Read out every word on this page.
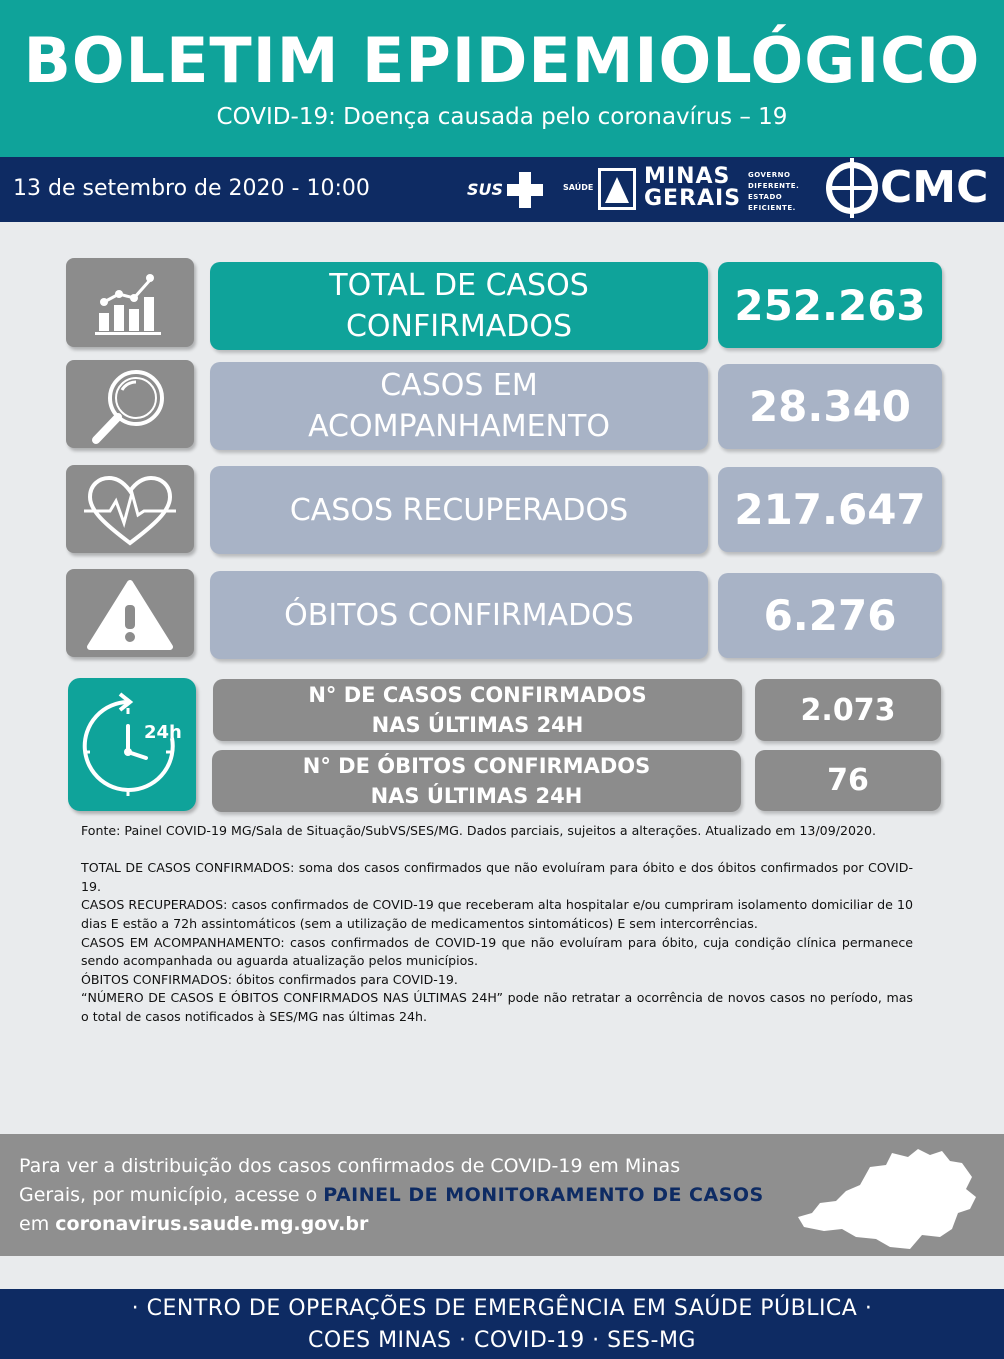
BOLETIM EPIDEMIOLÓGICO
COVID-19: Doença causada pelo coronavírus – 19
13 de setembro de 2020 - 10:00	SUS	SAÚDE MINAS
GERAIS
GOVERNO
DIFERENTE.
ESTADO
EFICIENTE. CMC
TOTAL DE CASOS
CONFIRMADOS	252.263
CASOS EM
ACOMPANHAMENTO	28.340
CASOS RECUPERADOS	217.647
ÓBITOS CONFIRMADOS	6.276
24h
N° DE CASOS CONFIRMADOS
NAS ÚLTIMAS 24H	2.073
N° DE ÓBITOS CONFIRMADOS
NAS ÚLTIMAS 24H	76

Fonte: Painel COVID-19 MG/Sala de Situação/SubVS/SES/MG. Dados parciais, sujeitos a alterações. Atualizado em 13/09/2020.

TOTAL DE CASOS CONFIRMADOS: soma dos casos confirmados que não evoluíram para óbito e dos óbitos confirmados por COVID-19.

CASOS RECUPERADOS: casos confirmados de COVID-19 que receberam alta hospitalar e/ou cumpriram isolamento domiciliar de 10 dias E estão a 72h assintomáticos (sem a utilização de medicamentos sintomáticos) E sem intercorrências.

CASOS EM ACOMPANHAMENTO: casos confirmados de COVID-19 que não evoluíram para óbito, cuja condição clínica permanece sendo acompanhada ou aguarda atualização pelos municípios.

ÓBITOS CONFIRMADOS: óbitos confirmados para COVID-19.

“NÚMERO DE CASOS E ÓBITOS CONFIRMADOS NAS ÚLTIMAS 24H” pode não retratar a ocorrência de novos casos no período, mas o total de casos notificados à SES/MG nas últimas 24h.

Para ver a distribuição dos casos confirmados de COVID-19 em Minas
Gerais, por município, acesse o PAINEL DE MONITORAMENTO DE CASOS
em coronavirus.saude.mg.gov.br
· CENTRO DE OPERAÇÕES DE EMERGÊNCIA EM SAÚDE PÚBLICA ·
COES MINAS · COVID-19 · SES-MG
